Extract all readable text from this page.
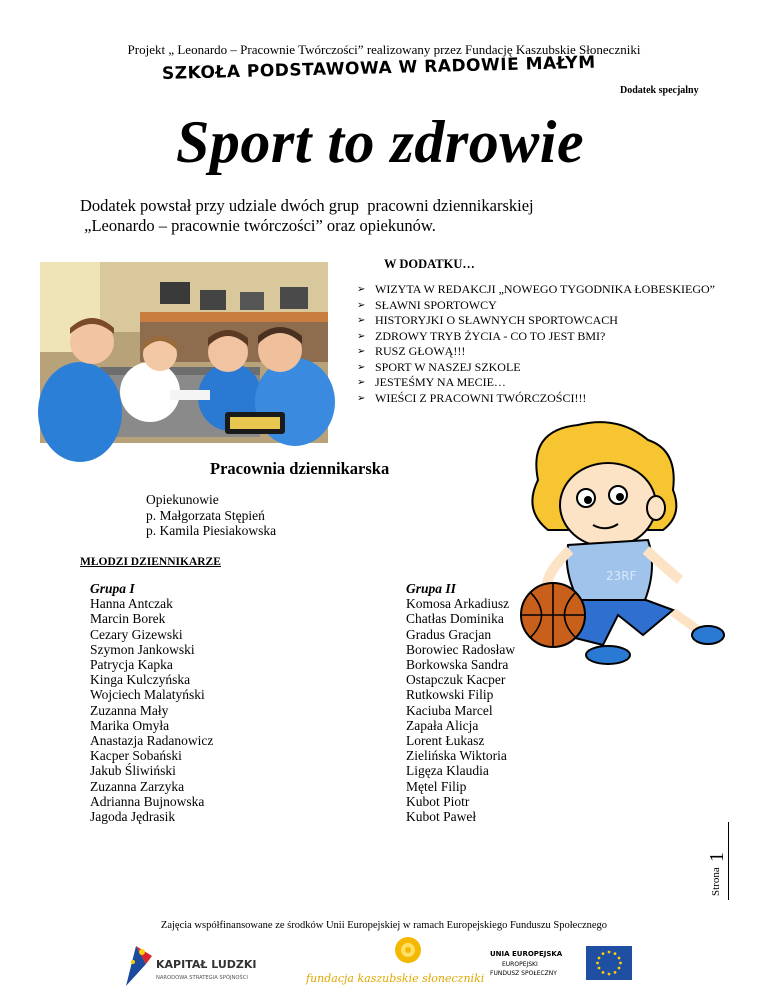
Projekt „ Leonardo – Pracownie Twórczości” realizowany przez Fundację Kaszubskie Słoneczniki
SZKOŁA PODSTAWOWA W RADOWIE MAŁYM
Dodatek specjalny
Sport to zdrowie
Dodatek powstał przy udziale dwóch grup  pracowni dziennikarskiej
„Leonardo – pracownie twórczości” oraz opiekunów.
W DODATKU…
➢ WIZYTA W REDAKCJI „NOWEGO TYGODNIKA ŁOBESKIEGO”
➢ SŁAWNI SPORTOWCY
➢ HISTORYJKI O SŁAWNYCH SPORTOWCACH
➢ ZDROWY TRYB ŻYCIA - CO TO JEST BMI?
➢ RUSZ GŁOWĄ!!!
➢ SPORT W NASZEJ SZKOLE
➢ JESTEŚMY NA MECIE…
➢ WIEŚCI Z PRACOWNI TWÓRCZOŚCI!!!
23RF
Pracownia dziennikarska
Opiekunowie
p. Małgorzata Stępień
p. Kamila Piesiakowska
MŁODZI DZIENNIKARZE
Grupa I
Hanna Antczak
Marcin Borek
Cezary Gizewski
Szymon Jankowski
Patrycja Kapka
Kinga Kulczyńska
Wojciech Malatyński
Zuzanna Mały
Marika Omyła
Anastazja Radanowicz
Kacper Sobański
Jakub Śliwiński
Zuzanna Zarzyka
Adrianna Bujnowska
Jagoda Jędrasik
Grupa II
Komosa Arkadiusz
Chatłas Dominika
Gradus Gracjan
Borowiec Radosław
Borkowska Sandra
Ostapczuk Kacper
Rutkowski Filip
Kaciuba Marcel
Zapała Alicja
Lorent Łukasz
Zielińska Wiktoria
Ligęza Klaudia
Mętel Filip
Kubot Piotr
Kubot Paweł
Strona
1
Zajęcia współfinansowane ze środków Unii Europejskiej w ramach Europejskiego Funduszu Społecznego
KAPITAŁ LUDZKI
NARODOWA STRATEGIA SPÓJNOŚCI	fundacja kaszubskie słoneczniki
UNIA EUROPEJSKA
EUROPEJSKI
FUNDUSZ SPOŁECZNY
